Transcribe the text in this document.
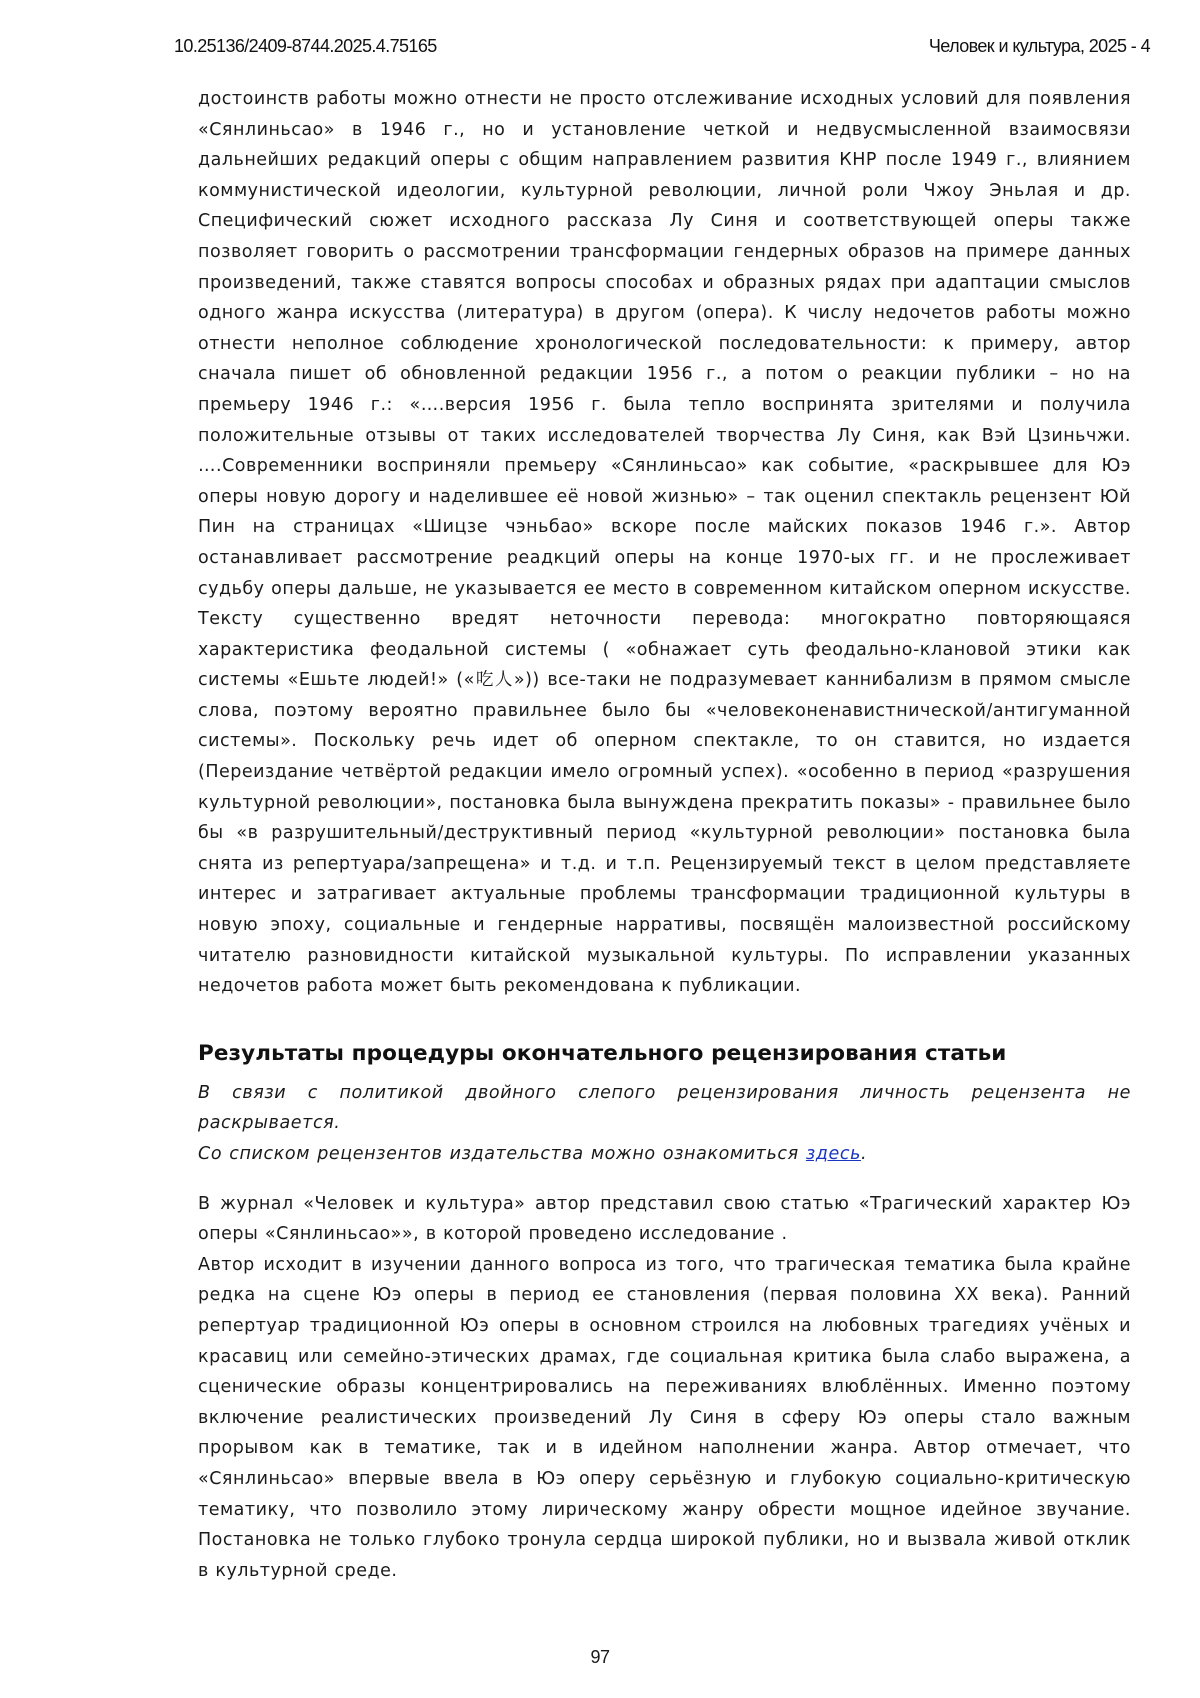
10.25136/2409-8744.2025.4.75165	Человек и культура, 2025 - 4

достоинств работы можно отнести не просто отслеживание исходных условий для появления «Сянлиньсао» в 1946 г., но и установление четкой и недвусмысленной взаимосвязи дальнейших редакций оперы с общим направлением развития КНР после 1949 г., влиянием коммунистической идеологии, культурной революции, личной роли Чжоу Эньлая и др. Специфический сюжет исходного рассказа Лу Синя и соответствующей оперы также позволяет говорить о рассмотрении трансформации гендерных образов на примере данных произведений, также ставятся вопросы способах и образных рядах при адаптации смыслов одного жанра искусства (литература) в другом (опера). К числу недочетов работы можно отнести неполное соблюдение хронологической последовательности: к примеру, автор сначала пишет об обновленной редакции 1956 г., а потом о реакции публики – но на премьеру 1946 г.: «….версия 1956 г. была тепло воспринята зрителями и получила положительные отзывы от таких исследователей творчества Лу Синя, как Вэй Цзиньчжи. ….Современники восприняли премьеру «Сянлиньсао» как событие, «раскрывшее для Юэ оперы новую дорогу и наделившее её новой жизнью» – так оценил спектакль рецензент Юй Пин на страницах «Шицзе чэньбао» вскоре после майских показов 1946 г.». Автор останавливает рассмотрение реадкций оперы на конце 1970-ых гг. и не прослеживает судьбу оперы дальше, не указывается ее место в современном китайском оперном искусстве. Тексту существенно вредят неточности перевода: многократно повторяющаяся характеристика феодальной системы ( «обнажает суть феодально-клановой этики как системы «Ешьте людей!» («吃人»)) все-таки не подразумевает каннибализм в прямом смысле слова, поэтому вероятно правильнее было бы «человеконенавистнической/антигуманной системы». Поскольку речь идет об оперном спектакле, то он ставится, но издается (Переиздание четвёртой редакции имело огромный успех). «особенно в период «разрушения культурной революции», постановка была вынуждена прекратить показы» - правильнее было бы «в разрушительный/деструктивный период «культурной революции» постановка была снята из репертуара/запрещена» и т.д. и т.п. Рецензируемый текст в целом представляете интерес и затрагивает актуальные проблемы трансформации традиционной культуры в новую эпоху, социальные и гендерные нарративы, посвящён малоизвестной российскому читателю разновидности китайской музыкальной культуры. По исправлении указанных недочетов работа может быть рекомендована к публикации.

Результаты процедуры окончательного рецензирования статьи

В связи с политикой двойного слепого рецензирования личность рецензента не раскрывается.

Со списком рецензентов издательства можно ознакомиться здесь.

В журнал «Человек и культура» автор представил свою статью «Трагический характер Юэ оперы «Сянлиньсао»», в которой проведено исследование .

Автор исходит в изучении данного вопроса из того, что трагическая тематика была крайне редка на сцене Юэ оперы в период ее становления (первая половина XX века). Ранний репертуар традиционной Юэ оперы в основном строился на любовных трагедиях учёных и красавиц или семейно-этических драмах, где социальная критика была слабо выражена, а сценические образы концентрировались на переживаниях влюблённых. Именно поэтому включение реалистических произведений Лу Синя в сферу Юэ оперы стало важным прорывом как в тематике, так и в идейном наполнении жанра. Автор отмечает, что «Сянлиньсао» впервые ввела в Юэ оперу серьёзную и глубокую социально-критическую тематику, что позволило этому лирическому жанру обрести мощное идейное звучание. Постановка не только глубоко тронула сердца широкой публики, но и вызвала живой отклик в культурной среде.

97
